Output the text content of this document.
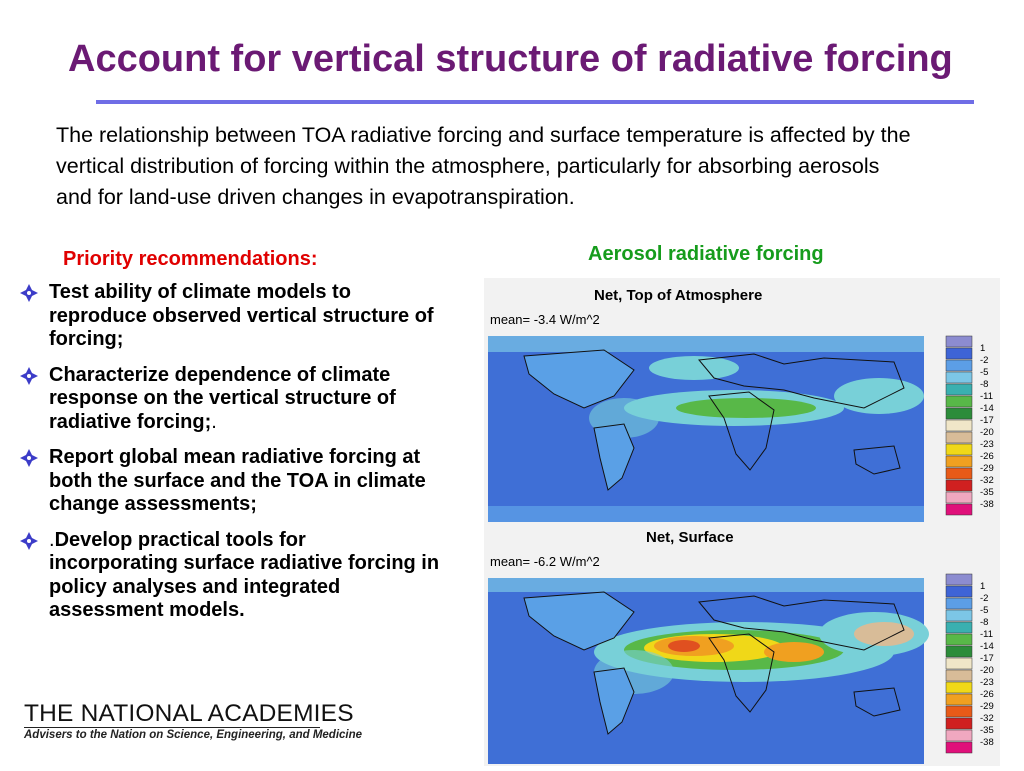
Account for vertical structure of radiative forcing
The relationship between TOA radiative forcing and surface temperature is affected by the vertical distribution of forcing within the atmosphere, particularly for absorbing aerosols and for land-use driven changes in evapotranspiration.
Priority recommendations:	Aerosol radiative forcing
Test ability of climate models to reproduce observed vertical structure of forcing;
Characterize dependence of climate response on the vertical structure of radiative forcing;.
Report global mean radiative forcing at both the surface and the TOA in climate change assessments;
.Develop practical tools for incorporating surface radiative forcing in policy analyses and integrated assessment models.
Net, Top of Atmosphere
mean= -3.4 W/m^2
1
-2
-5
-8
-11
-14
-17
-20
-23
-26
-29
-32
-35
-38
Net, Surface
mean= -6.2 W/m^2
1
-2
-5
-8
-11
-14
-17
-20
-23
-26
-29
-32
-35
-38
THE NATIONAL ACADEMIES
Advisers to the Nation on Science, Engineering, and Medicine
